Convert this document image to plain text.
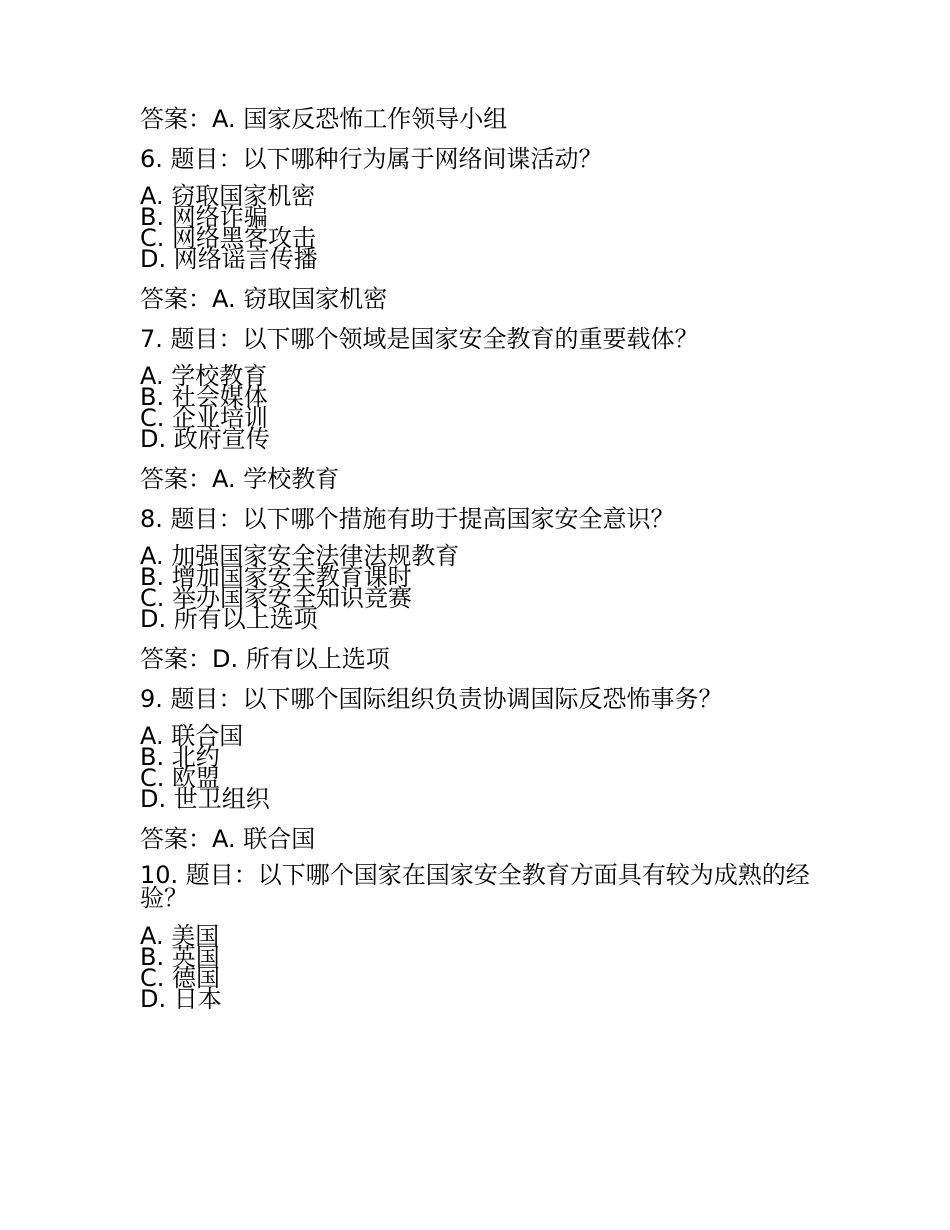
答案：A. 国家反恐怖工作领导小组
6. 题目：以下哪种行为属于网络间谍活动？
A. 窃取国家机密
B. 网络诈骗
C. 网络黑客攻击
D. 网络谣言传播
答案：A. 窃取国家机密
7. 题目：以下哪个领域是国家安全教育的重要载体？
A. 学校教育
B. 社会媒体
C. 企业培训
D. 政府宣传
答案：A. 学校教育
8. 题目：以下哪个措施有助于提高国家安全意识？
A. 加强国家安全法律法规教育
B. 增加国家安全教育课时
C. 举办国家安全知识竞赛
D. 所有以上选项
答案：D. 所有以上选项
9. 题目：以下哪个国际组织负责协调国际反恐怖事务？
A. 联合国
B. 北约
C. 欧盟
D. 世卫组织
答案：A. 联合国
10. 题目：以下哪个国家在国家安全教育方面具有较为成熟的经验？
A. 美国
B. 英国
C. 德国
D. 日本
